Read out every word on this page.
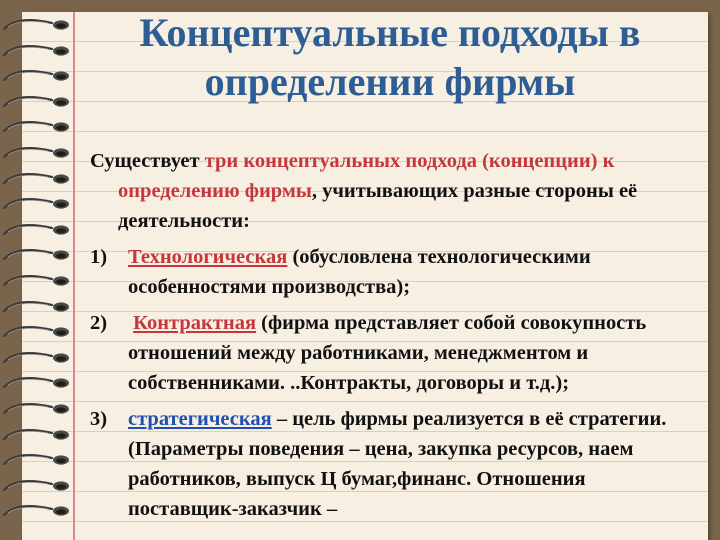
Концептуальные подходы в
определении фирмы

Существует три концептуальных подхода (концепции) к определению фирмы, учитывающих разные стороны её деятельности:

1) Технологическая (обусловлена технологическими особенностями производства);

2) Контрактная (фирма представляет собой совокупность отношений между работниками, менеджментом и собственниками. ..Контракты, договоры и т.д.);

3) стратегическая – цель фирмы реализуется в её стратегии.(Параметры поведения – цена, закупка ресурсов, наем работников, выпуск Ц бумаг,финанс. Отношения поставщик-заказчик –
